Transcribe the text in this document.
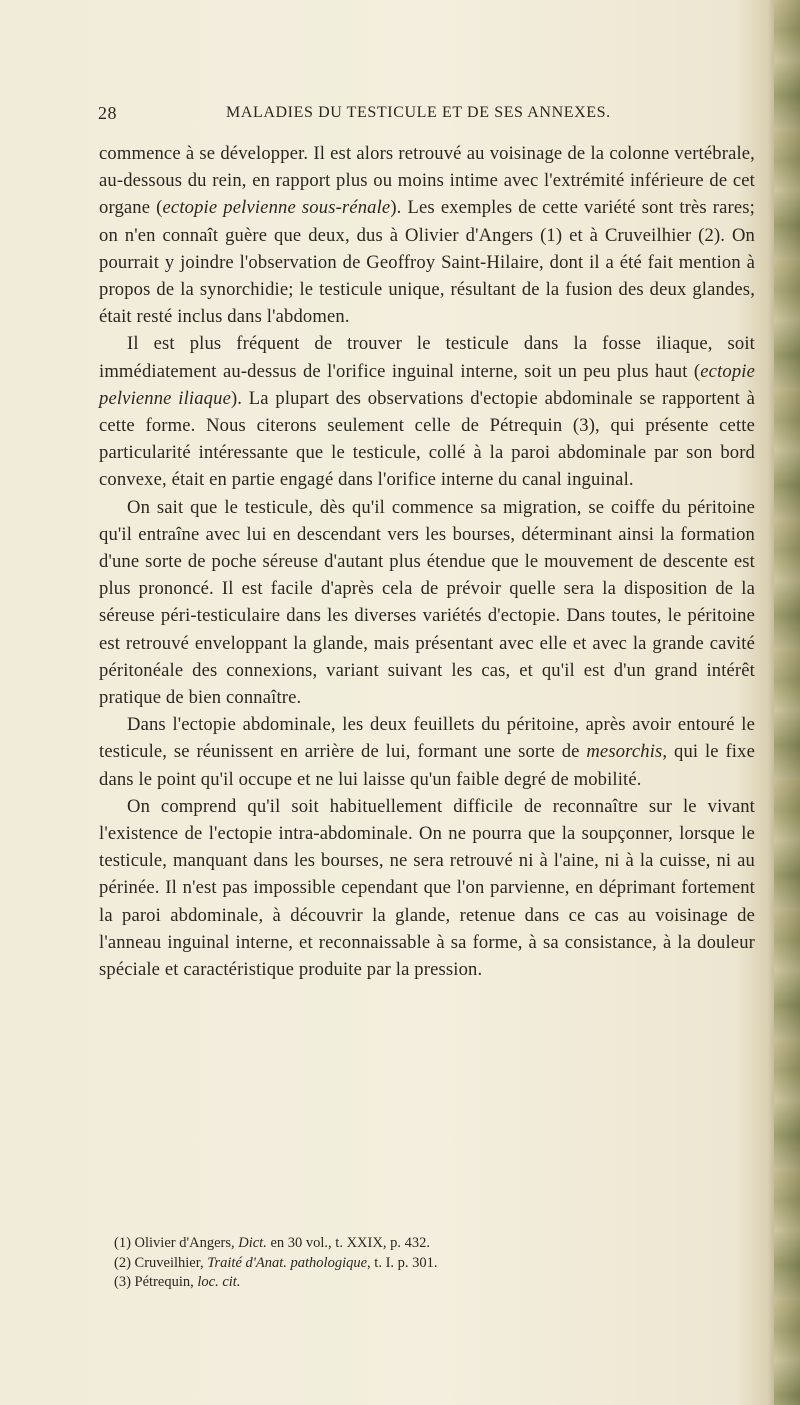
28	MALADIES DU TESTICULE ET DE SES ANNEXES.

commence à se développer. Il est alors retrouvé au voisinage de la colonne vertébrale, au-dessous du rein, en rapport plus ou moins intime avec l'extrémité inférieure de cet organe (ectopie pelvienne sous-rénale). Les exemples de cette variété sont très rares; on n'en connaît guère que deux, dus à Olivier d'Angers (1) et à Cruveilhier (2). On pourrait y joindre l'observation de Geoffroy Saint-Hilaire, dont il a été fait mention à propos de la synorchidie; le testicule unique, résultant de la fusion des deux glandes, était resté inclus dans l'abdomen.

Il est plus fréquent de trouver le testicule dans la fosse iliaque, soit immédiatement au-dessus de l'orifice inguinal interne, soit un peu plus haut (ectopie pelvienne iliaque). La plupart des observations d'ectopie abdominale se rapportent à cette forme. Nous citerons seulement celle de Pétrequin (3), qui présente cette particularité intéressante que le testicule, collé à la paroi abdominale par son bord convexe, était en partie engagé dans l'orifice interne du canal inguinal.

On sait que le testicule, dès qu'il commence sa migration, se coiffe du péritoine qu'il entraîne avec lui en descendant vers les bourses, déterminant ainsi la formation d'une sorte de poche séreuse d'autant plus étendue que le mouvement de descente est plus prononcé. Il est facile d'après cela de prévoir quelle sera la disposition de la séreuse péri-testiculaire dans les diverses variétés d'ectopie. Dans toutes, le péritoine est retrouvé enveloppant la glande, mais présentant avec elle et avec la grande cavité péritonéale des connexions, variant suivant les cas, et qu'il est d'un grand intérêt pratique de bien connaître.

Dans l'ectopie abdominale, les deux feuillets du péritoine, après avoir entouré le testicule, se réunissent en arrière de lui, formant une sorte de mesorchis, qui le fixe dans le point qu'il occupe et ne lui laisse qu'un faible degré de mobilité.

On comprend qu'il soit habituellement difficile de reconnaître sur le vivant l'existence de l'ectopie intra-abdominale. On ne pourra que la soupçonner, lorsque le testicule, manquant dans les bourses, ne sera retrouvé ni à l'aine, ni à la cuisse, ni au périnée. Il n'est pas impossible cependant que l'on parvienne, en déprimant fortement la paroi abdominale, à découvrir la glande, retenue dans ce cas au voisinage de l'anneau inguinal interne, et reconnaissable à sa forme, à sa consistance, à la douleur spéciale et caractéristique produite par la pression.

(1) Olivier d'Angers, Dict. en 30 vol., t. XXIX, p. 432.
(2) Cruveilhier, Traité d'Anat. pathologique, t. I. p. 301.
(3) Pétrequin, loc. cit.
